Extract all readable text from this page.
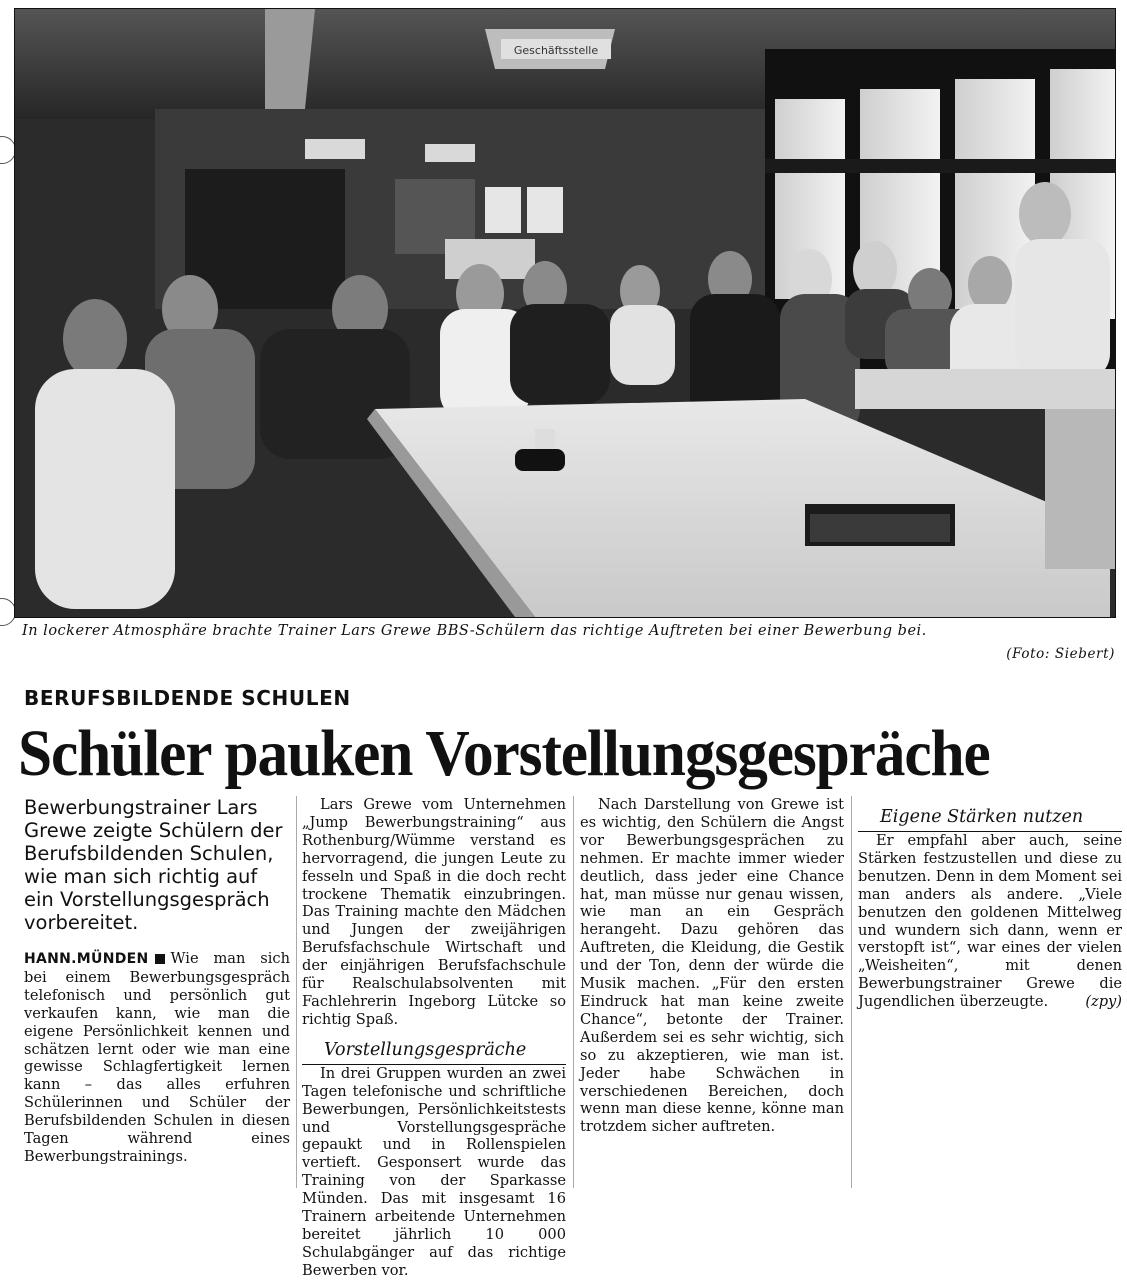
Geschäftsstelle
In lockerer Atmosphäre brachte Trainer Lars Grewe BBS-Schülern das richtige Auftreten bei einer Bewerbung bei.
(Foto: Siebert)
BERUFSBILDENDE SCHULEN
Schüler pauken Vorstellungsgespräche
Bewerbungstrainer Lars Grewe zeigte Schülern der Berufsbildenden Schulen, wie man sich richtig auf ein Vorstellungsgespräch vorbereitet.

HANN.MÜNDEN Wie man sich bei einem Bewerbungsgespräch telefonisch und persönlich gut verkaufen kann, wie man die eigene Persönlichkeit kennen und schätzen lernt oder wie man eine gewisse Schlagfertigkeit lernen kann – das alles erfuhren Schülerinnen und Schüler der Berufsbildenden Schulen in diesen Tagen während eines Bewerbungstrainings.

Lars Grewe vom Unternehmen „Jump Bewerbungstraining“ aus Rothenburg/Wümme verstand es hervorragend, die jungen Leute zu fesseln und Spaß in die doch recht trockene Thematik einzubringen. Das Training machte den Mädchen und Jungen der zweijährigen Berufsfachschule Wirtschaft und der einjährigen Berufsfachschule für Realschulabsolventen mit Fachlehrerin Ingeborg Lütcke so richtig Spaß.

Vorstellungsgespräche

In drei Gruppen wurden an zwei Tagen telefonische und schriftliche Bewerbungen, Persönlichkeitstests und Vorstellungsgespräche gepaukt und in Rollenspielen vertieft. Gesponsert wurde das Training von der Sparkasse Münden. Das mit insgesamt 16 Trainern arbeitende Unternehmen bereitet jährlich 10 000 Schulabgänger auf das richtige Bewerben vor.

Nach Darstellung von Grewe ist es wichtig, den Schülern die Angst vor Bewerbungsgesprächen zu nehmen. Er machte immer wieder deutlich, dass jeder eine Chance hat, man müsse nur genau wissen, wie man an ein Gespräch herangeht. Dazu gehören das Auftreten, die Kleidung, die Gestik und der Ton, denn der würde die Musik machen. „Für den ersten Eindruck hat man keine zweite Chance“, betonte der Trainer. Außerdem sei es sehr wichtig, sich so zu akzeptieren, wie man ist. Jeder habe Schwächen in verschiedenen Bereichen, doch wenn man diese kenne, könne man trotzdem sicher auftreten.

Eigene Stärken nutzen

Er empfahl aber auch, seine Stärken festzustellen und diese zu benutzen. Denn in dem Moment sei man anders als andere. „Viele benutzen den goldenen Mittelweg und wundern sich dann, wenn er verstopft ist“, war eines der vielen „Weisheiten“, mit denen Bewerbungstrainer Grewe die Jugendlichen überzeugte.	(zpy)
